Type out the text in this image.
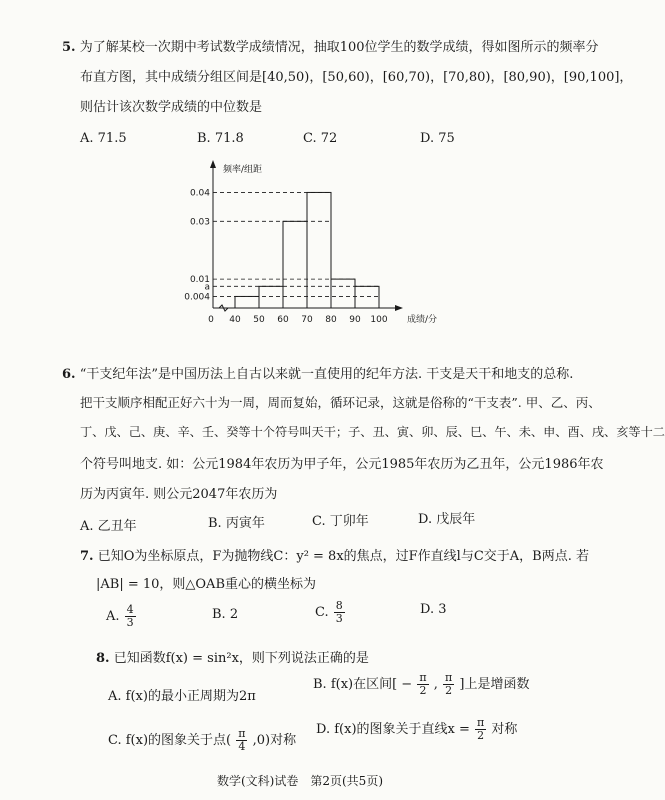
5. 为了解某校一次期中考试数学成绩情况，抽取100位学生的数学成绩，得如图所示的频率分
布直方图，其中成绩分组区间是[40,50)，[50,60)，[60,70)，[70,80)，[80,90)，[90,100]，
则估计该次数学成绩的中位数是
A. 71.5	B. 71.8	C. 72	D. 75
0.04
0.03
0.01
a
0.004
40 50 60 70 80 90 100
0
频率/组距
成绩/分
6. “干支纪年法”是中国历法上自古以来就一直使用的纪年方法. 干支是天干和地支的总称.
把干支顺序相配正好六十为一周，周而复始，循环记录，这就是俗称的“干支表”. 甲、乙、丙、
丁、戊、己、庚、辛、壬、癸等十个符号叫天干；子、丑、寅、卯、辰、巳、午、未、申、酉、戌、亥等十二
个符号叫地支. 如：公元1984年农历为甲子年，公元1985年农历为乙丑年，公元1986年农
历为丙寅年. 则公元2047年农历为
A. 乙丑年	B. 丙寅年	C. 丁卯年	D. 戊辰年
7. 已知O为坐标原点，F为抛物线C：y² = 8x的焦点，过F作直线l与C交于A，B两点. 若
|AB| = 10，则△OAB重心的横坐标为
A. $\frac{4}{3}$	B. 2	C. $\frac{8}{3}$	D. 3
8. 已知函数f(x) = sin²x，则下列说法正确的是
A. f(x)的最小正周期为2π
B. f(x)在区间[ − $\frac{\pi}{2}$ , $\frac{\pi}{2}$ ]上是增函数
C. f(x)的图象关于点( $\frac{\pi}{4} ,0$)对称
D. f(x)的图象关于直线$x = \frac{\pi}{2}$ 对称
数学(文科)试卷　第2页(共5页)
